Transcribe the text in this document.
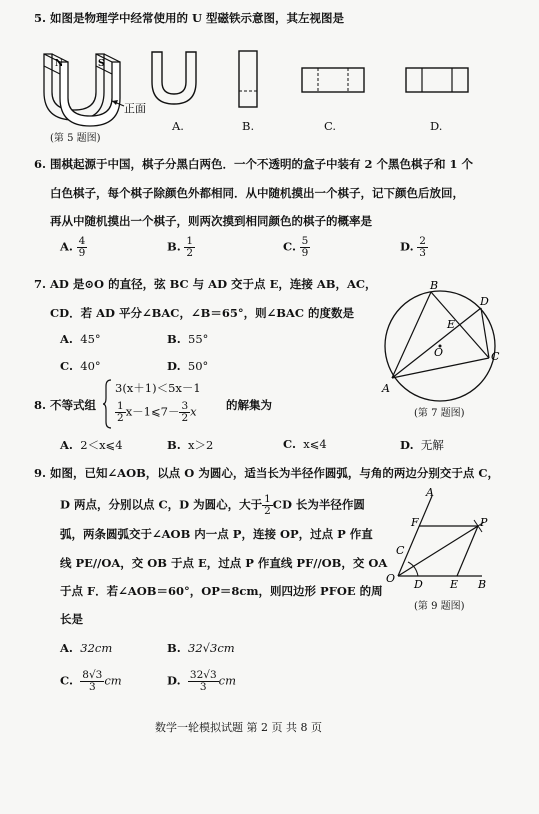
5. 如图是物理学中经常使用的 U 型磁铁示意图，其左视图是
N	S
正面
(第 5 题图)
A.	B.	C.	D.
6. 围棋起源于中国，棋子分黑白两色．一个不透明的盒子中装有 2 个黑色棋子和 1 个
白色棋子，每个棋子除颜色外都相同．从中随机摸出一个棋子，记下颜色后放回，
再从中随机摸出一个棋子，则两次摸到相同颜色的棋子的概率是
A. $\frac{4}{9}$	B. $\frac{1}{2}$	C. $\frac{5}{9}$	D. $\frac{2}{3}$
7. AD 是⊙O 的直径，弦 BC 与 AD 交于点 E，连接 AB，AC，
CD．若 AD 平分∠BAC，∠B＝65°，则∠BAC 的度数是
A. 45°	B. 55°
C. 40°	D. 50°
B
D
E
O	C
A
(第 7 题图)
8. 不等式组
3(x＋1)＜5x－1
$\frac{1}{2}$ x－1⩽7－ $\frac{3}{2}$ x	的解集为
A. 2＜x⩽4	B. x＞2	C. x⩽4	D. 无解
9. 如图，已知∠AOB，以点 O 为圆心，适当长为半径作圆弧，与角的两边分别交于点 C，
D 两点，分别以点 C，D 为圆心，大于 $\frac{1}{2}$ CD 长为半径作圆
弧，两条圆弧交于∠AOB 内一点 P，连接 OP，过点 P 作直
线 PE//OA，交 OB 于点 E，过点 P 作直线 PF//OB，交 OA
于点 F．若∠AOB＝60°，OP＝8cm，则四边形 PFOE 的周
长是
A
F	P
C
O D E B
(第 9 题图)
A. 32cm	B. 32√3cm
C. $\frac{8√3}{3}$ cm	D. $\frac{32√3}{3}$ cm
数学一轮模拟试题 第 2 页 共 8 页
